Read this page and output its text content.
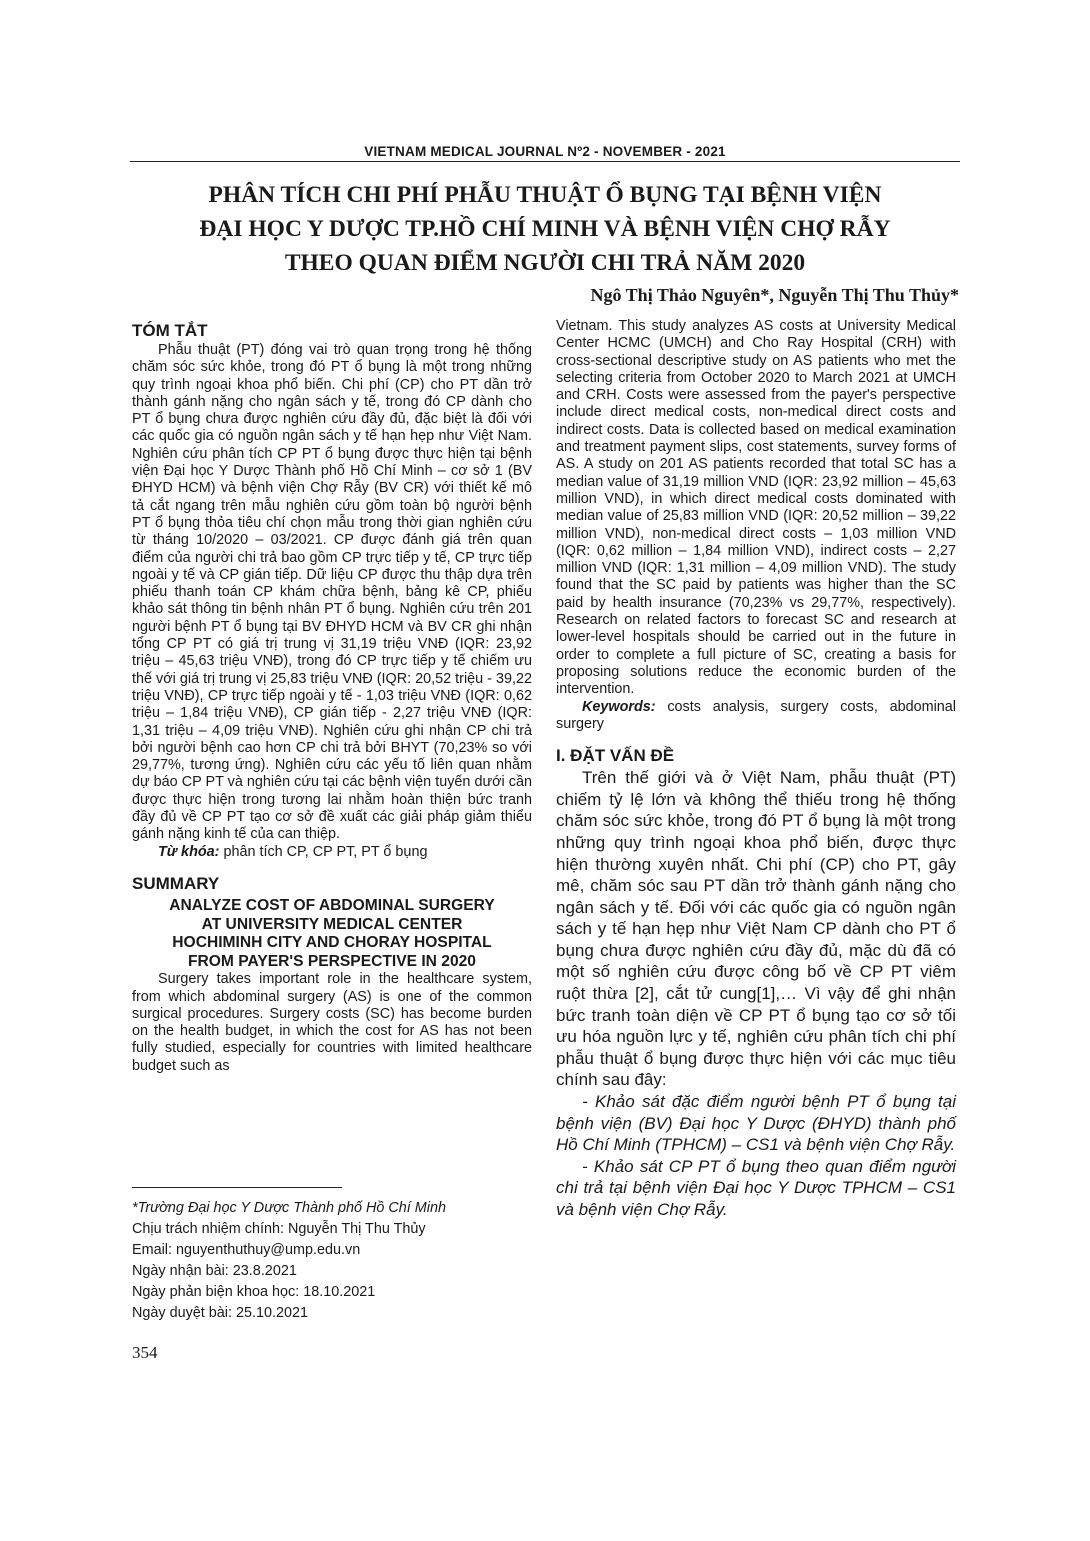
VIETNAM MEDICAL JOURNAL Nº2 - NOVEMBER - 2021
PHÂN TÍCH CHI PHÍ PHẪU THUẬT Ổ BỤNG TẠI BỆNH VIỆN
ĐẠI HỌC Y DƯỢC TP.HỒ CHÍ MINH VÀ BỆNH VIỆN CHỢ RẪY
THEO QUAN ĐIỂM NGƯỜI CHI TRẢ NĂM 2020
Ngô Thị Thảo Nguyên*, Nguyễn Thị Thu Thủy*

TÓM TẮT

Phẫu thuật (PT) đóng vai trò quan trọng trong hệ thống chăm sóc sức khỏe, trong đó PT ổ bụng là một trong những quy trình ngoại khoa phổ biến. Chi phí (CP) cho PT dần trở thành gánh nặng cho ngân sách y tế, trong đó CP dành cho PT ổ bụng chưa được nghiên cứu đầy đủ, đặc biệt là đối với các quốc gia có nguồn ngân sách y tế hạn hẹp như Việt Nam. Nghiên cứu phân tích CP PT ổ bụng được thực hiện tại bệnh viện Đại học Y Dược Thành phố Hồ Chí Minh – cơ sở 1 (BV ĐHYD HCM) và bệnh viện Chợ Rẫy (BV CR) với thiết kế mô tả cắt ngang trên mẫu nghiên cứu gồm toàn bộ người bệnh PT ổ bụng thỏa tiêu chí chọn mẫu trong thời gian nghiên cứu từ tháng 10/2020 – 03/2021. CP được đánh giá trên quan điểm của người chi trả bao gồm CP trực tiếp y tế, CP trực tiếp ngoài y tế và CP gián tiếp. Dữ liệu CP được thu thập dựa trên phiếu thanh toán CP khám chữa bệnh, bảng kê CP, phiếu khảo sát thông tin bệnh nhân PT ổ bụng. Nghiên cứu trên 201 người bệnh PT ổ bụng tại BV ĐHYD HCM và BV CR ghi nhận tổng CP PT có giá trị trung vị 31,19 triệu VNĐ (IQR: 23,92 triệu – 45,63 triệu VNĐ), trong đó CP trực tiếp y tế chiếm ưu thế với giá trị trung vị 25,83 triệu VNĐ (IQR: 20,52 triệu - 39,22 triệu VNĐ), CP trực tiếp ngoài y tế - 1,03 triệu VNĐ (IQR: 0,62 triệu – 1,84 triệu VNĐ), CP gián tiếp - 2,27 triệu VNĐ (IQR: 1,31 triệu – 4,09 triệu VNĐ). Nghiên cứu ghi nhận CP chi trả bởi người bệnh cao hơn CP chi trả bởi BHYT (70,23% so với 29,77%, tương ứng). Nghiên cứu các yếu tố liên quan nhằm dự báo CP PT và nghiên cứu tại các bệnh viện tuyến dưới cần được thực hiện trong tương lai nhằm hoàn thiện bức tranh đầy đủ về CP PT tạo cơ sở đề xuất các giải pháp giảm thiểu gánh nặng kinh tế của can thiệp.

Từ khóa: phân tích CP, CP PT, PT ổ bụng

SUMMARY

ANALYZE COST OF ABDOMINAL SURGERY
AT UNIVERSITY MEDICAL CENTER
HOCHIMINH CITY AND CHORAY HOSPITAL
FROM PAYER'S PERSPECTIVE IN 2020

Surgery takes important role in the healthcare system, from which abdominal surgery (AS) is one of the common surgical procedures. Surgery costs (SC) has become burden on the health budget, in which the cost for AS has not been fully studied, especially for countries with limited healthcare budget such as

Vietnam. This study analyzes AS costs at University Medical Center HCMC (UMCH) and Cho Ray Hospital (CRH) with cross-sectional descriptive study on AS patients who met the selecting criteria from October 2020 to March 2021 at UMCH and CRH. Costs were assessed from the payer's perspective include direct medical costs, non-medical direct costs and indirect costs. Data is collected based on medical examination and treatment payment slips, cost statements, survey forms of AS. A study on 201 AS patients recorded that total SC has a median value of 31,19 million VND (IQR: 23,92 million – 45,63 million VND), in which direct medical costs dominated with median value of 25,83 million VND (IQR: 20,52 million – 39,22 million VND), non-medical direct costs – 1,03 million VND (IQR: 0,62 million – 1,84 million VND), indirect costs – 2,27 million VND (IQR: 1,31 million – 4,09 million VND). The study found that the SC paid by patients was higher than the SC paid by health insurance (70,23% vs 29,77%, respectively). Research on related factors to forecast SC and research at lower-level hospitals should be carried out in the future in order to complete a full picture of SC, creating a basis for proposing solutions reduce the economic burden of the intervention.

Keywords: costs analysis, surgery costs, abdominal surgery

I. ĐẶT VẤN ĐỀ

Trên thế giới và ở Việt Nam, phẫu thuật (PT) chiếm tỷ lệ lớn và không thể thiếu trong hệ thống chăm sóc sức khỏe, trong đó PT ổ bụng là một trong những quy trình ngoại khoa phổ biến, được thực hiện thường xuyên nhất. Chi phí (CP) cho PT, gây mê, chăm sóc sau PT dần trở thành gánh nặng cho ngân sách y tế. Đối với các quốc gia có nguồn ngân sách y tế hạn hẹp như Việt Nam CP dành cho PT ổ bụng chưa được nghiên cứu đầy đủ, mặc dù đã có một số nghiên cứu được công bố về CP PT viêm ruột thừa [2], cắt tử cung[1],… Vì vậy để ghi nhận bức tranh toàn diện về CP PT ổ bụng tạo cơ sở tối ưu hóa nguồn lực y tế, nghiên cứu phân tích chi phí phẫu thuật ổ bụng được thực hiện với các mục tiêu chính sau đây:

- Khảo sát đặc điểm người bệnh PT ổ bụng tại bệnh viện (BV) Đại học Y Dược (ĐHYD) thành phố Hồ Chí Minh (TPHCM) – CS1 và bệnh viện Chợ Rẫy.

- Khảo sát CP PT ổ bụng theo quan điểm người chi trả tại bệnh viện Đại học Y Dược TPHCM – CS1 và bệnh viện Chợ Rẫy.

*Trường Đại học Y Dược Thành phố Hồ Chí Minh
Chịu trách nhiệm chính: Nguyễn Thị Thu Thủy
Email: nguyenthuthuy@ump.edu.vn
Ngày nhận bài: 23.8.2021
Ngày phản biện khoa học: 18.10.2021
Ngày duyệt bài: 25.10.2021
354
